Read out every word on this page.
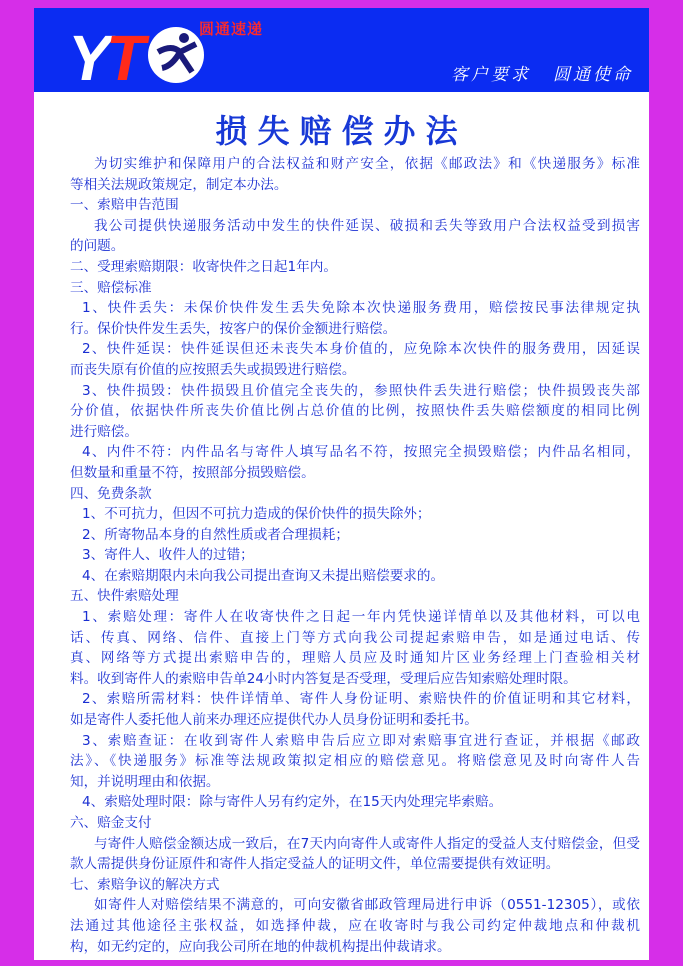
Y
T	圆通速递
客户要求 圆通使命
损失赔偿办法
为切实维护和保障用户的合法权益和财产安全，依据《邮政法》和《快递服务》标准
等相关法规政策规定，制定本办法。
一、索赔申告范围
我公司提供快递服务活动中发生的快件延误、破损和丢失等致用户合法权益受到损害
的问题。
二、受理索赔期限：收寄快件之日起1年内。
三、赔偿标准
1、快件丢失：未保价快件发生丢失免除本次快递服务费用，赔偿按民事法律规定执
行。保价快件发生丢失，按客户的保价金额进行赔偿。
2、快件延误：快件延误但还未丧失本身价值的，应免除本次快件的服务费用，因延误
而丧失原有价值的应按照丢失或损毁进行赔偿。
3、快件损毁：快件损毁且价值完全丧失的，参照快件丢失进行赔偿；快件损毁丧失部
分价值，依据快件所丧失价值比例占总价值的比例，按照快件丢失赔偿额度的相同比例
进行赔偿。
4、内件不符：内件品名与寄件人填写品名不符，按照完全损毁赔偿；内件品名相同，
但数量和重量不符，按照部分损毁赔偿。
四、免费条款
1、不可抗力，但因不可抗力造成的保价快件的损失除外；
2、所寄物品本身的自然性质或者合理损耗；
3、寄件人、收件人的过错；
4、在索赔期限内未向我公司提出查询又未提出赔偿要求的。
五、快件索赔处理
1、索赔处理：寄件人在收寄快件之日起一年内凭快递详情单以及其他材料，可以电
话、传真、网络、信件、直接上门等方式向我公司提起索赔申告，如是通过电话、传
真、网络等方式提出索赔申告的，理赔人员应及时通知片区业务经理上门查验相关材
料。收到寄件人的索赔申告单24小时内答复是否受理，受理后应告知索赔处理时限。
2、索赔所需材料：快件详情单、寄件人身份证明、索赔快件的价值证明和其它材料，
如是寄件人委托他人前来办理还应提供代办人员身份证明和委托书。
3、索赔查证：在收到寄件人索赔申告后应立即对索赔事宜进行查证，并根据《邮政
法》、《快递服务》标准等法规政策拟定相应的赔偿意见。将赔偿意见及时向寄件人告
知，并说明理由和依据。
4、索赔处理时限：除与寄件人另有约定外，在15天内处理完毕索赔。
六、赔金支付
与寄件人赔偿金额达成一致后，在7天内向寄件人或寄件人指定的受益人支付赔偿金，但受
款人需提供身份证原件和寄件人指定受益人的证明文件，单位需要提供有效证明。
七、索赔争议的解决方式
如寄件人对赔偿结果不满意的，可向安徽省邮政管理局进行申诉（0551-12305），或依
法通过其他途径主张权益，如选择仲裁，应在收寄时与我公司约定仲裁地点和仲裁机
构，如无约定的，应向我公司所在地的仲裁机构提出仲裁请求。
